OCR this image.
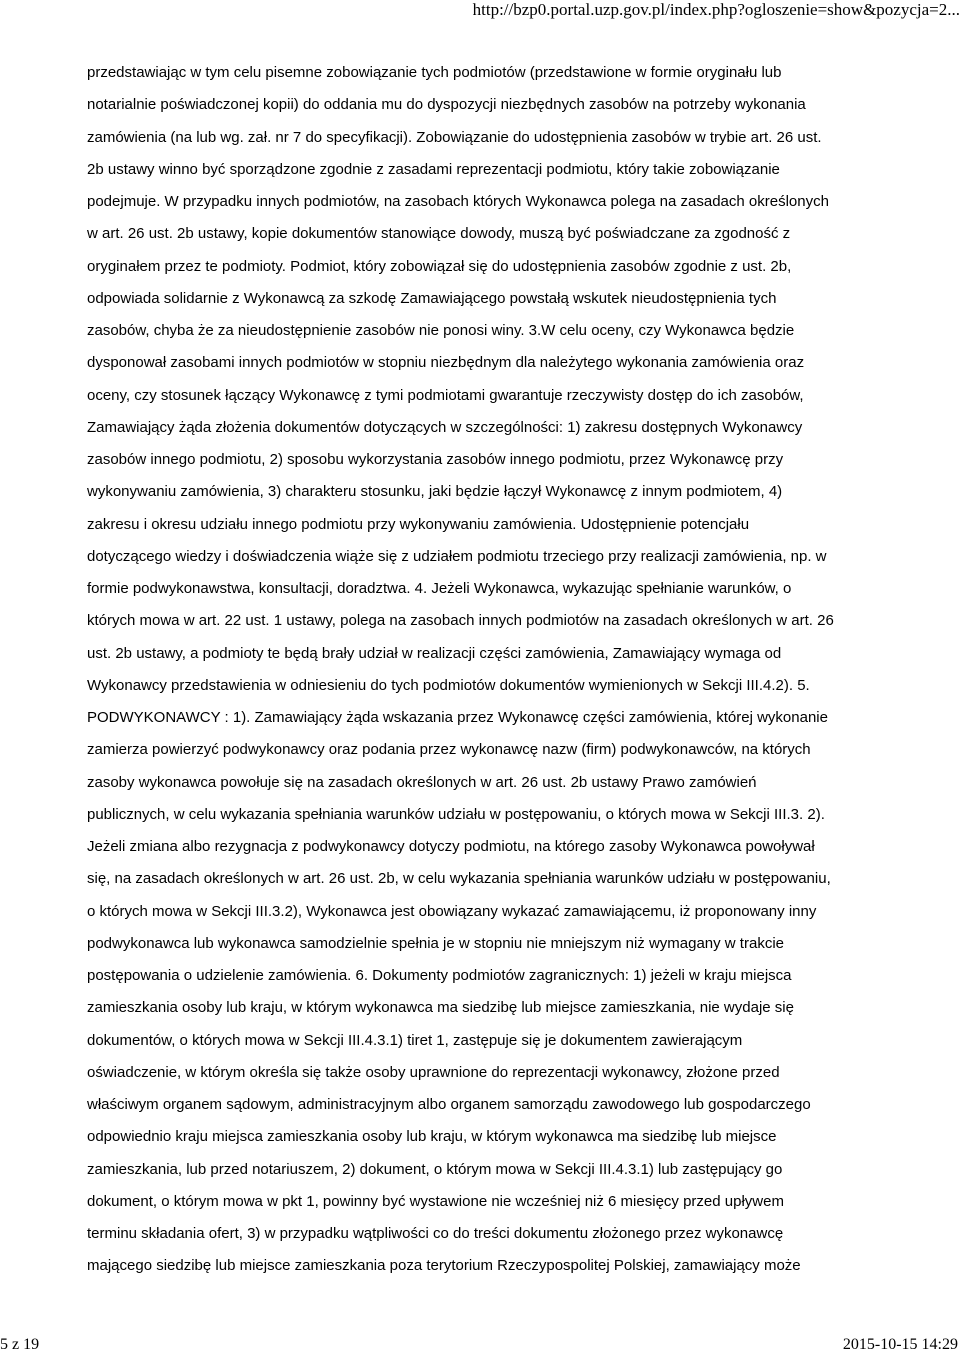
http://bzp0.portal.uzp.gov.pl/index.php?ogloszenie=show&pozycja=2...
przedstawiając w tym celu pisemne zobowiązanie tych podmiotów (przedstawione w formie oryginału lub
notarialnie poświadczonej kopii) do oddania mu do dyspozycji niezbędnych zasobów na potrzeby wykonania
zamówienia (na lub wg. zał. nr 7 do specyfikacji). Zobowiązanie do udostępnienia zasobów w trybie art. 26 ust.
2b ustawy winno być sporządzone zgodnie z zasadami reprezentacji podmiotu, który takie zobowiązanie
podejmuje. W przypadku innych podmiotów, na zasobach których Wykonawca polega na zasadach określonych
w art. 26 ust. 2b ustawy, kopie dokumentów stanowiące dowody, muszą być poświadczane za zgodność z
oryginałem przez te podmioty. Podmiot, który zobowiązał się do udostępnienia zasobów zgodnie z ust. 2b,
odpowiada solidarnie z Wykonawcą za szkodę Zamawiającego powstałą wskutek nieudostępnienia tych
zasobów, chyba że za nieudostępnienie zasobów nie ponosi winy. 3.W celu oceny, czy Wykonawca będzie
dysponował zasobami innych podmiotów w stopniu niezbędnym dla należytego wykonania zamówienia oraz
oceny, czy stosunek łączący Wykonawcę z tymi podmiotami gwarantuje rzeczywisty dostęp do ich zasobów,
Zamawiający żąda złożenia dokumentów dotyczących w szczególności: 1) zakresu dostępnych Wykonawcy
zasobów innego podmiotu, 2) sposobu wykorzystania zasobów innego podmiotu, przez Wykonawcę przy
wykonywaniu zamówienia, 3) charakteru stosunku, jaki będzie łączył Wykonawcę z innym podmiotem, 4)
zakresu i okresu udziału innego podmiotu przy wykonywaniu zamówienia. Udostępnienie potencjału
dotyczącego wiedzy i doświadczenia wiąże się z udziałem podmiotu trzeciego przy realizacji zamówienia, np. w
formie podwykonawstwa, konsultacji, doradztwa. 4. Jeżeli Wykonawca, wykazując spełnianie warunków, o
których mowa w art. 22 ust. 1 ustawy, polega na zasobach innych podmiotów na zasadach określonych w art. 26
ust. 2b ustawy, a podmioty te będą brały udział w realizacji części zamówienia, Zamawiający wymaga od
Wykonawcy przedstawienia w odniesieniu do tych podmiotów dokumentów wymienionych w Sekcji III.4.2). 5.
PODWYKONAWCY : 1). Zamawiający żąda wskazania przez Wykonawcę części zamówienia, której wykonanie
zamierza powierzyć podwykonawcy oraz podania przez wykonawcę nazw (firm) podwykonawców, na których
zasoby wykonawca powołuje się na zasadach określonych w art. 26 ust. 2b ustawy Prawo zamówień
publicznych, w celu wykazania spełniania warunków udziału w postępowaniu, o których mowa w Sekcji III.3. 2).
Jeżeli zmiana albo rezygnacja z podwykonawcy dotyczy podmiotu, na którego zasoby Wykonawca powoływał
się, na zasadach określonych w art. 26 ust. 2b, w celu wykazania spełniania warunków udziału w postępowaniu,
o których mowa w Sekcji III.3.2), Wykonawca jest obowiązany wykazać zamawiającemu, iż proponowany inny
podwykonawca lub wykonawca samodzielnie spełnia je w stopniu nie mniejszym niż wymagany w trakcie
postępowania o udzielenie zamówienia. 6. Dokumenty podmiotów zagranicznych: 1) jeżeli w kraju miejsca
zamieszkania osoby lub kraju, w którym wykonawca ma siedzibę lub miejsce zamieszkania, nie wydaje się
dokumentów, o których mowa w Sekcji III.4.3.1) tiret 1, zastępuje się je dokumentem zawierającym
oświadczenie, w którym określa się także osoby uprawnione do reprezentacji wykonawcy, złożone przed
właściwym organem sądowym, administracyjnym albo organem samorządu zawodowego lub gospodarczego
odpowiednio kraju miejsca zamieszkania osoby lub kraju, w którym wykonawca ma siedzibę lub miejsce
zamieszkania, lub przed notariuszem, 2) dokument, o którym mowa w Sekcji III.4.3.1) lub zastępujący go
dokument, o którym mowa w pkt 1, powinny być wystawione nie wcześniej niż 6 miesięcy przed upływem
terminu składania ofert, 3) w przypadku wątpliwości co do treści dokumentu złożonego przez wykonawcę
mającego siedzibę lub miejsce zamieszkania poza terytorium Rzeczypospolitej Polskiej, zamawiający może
5 z 19	2015-10-15 14:29
